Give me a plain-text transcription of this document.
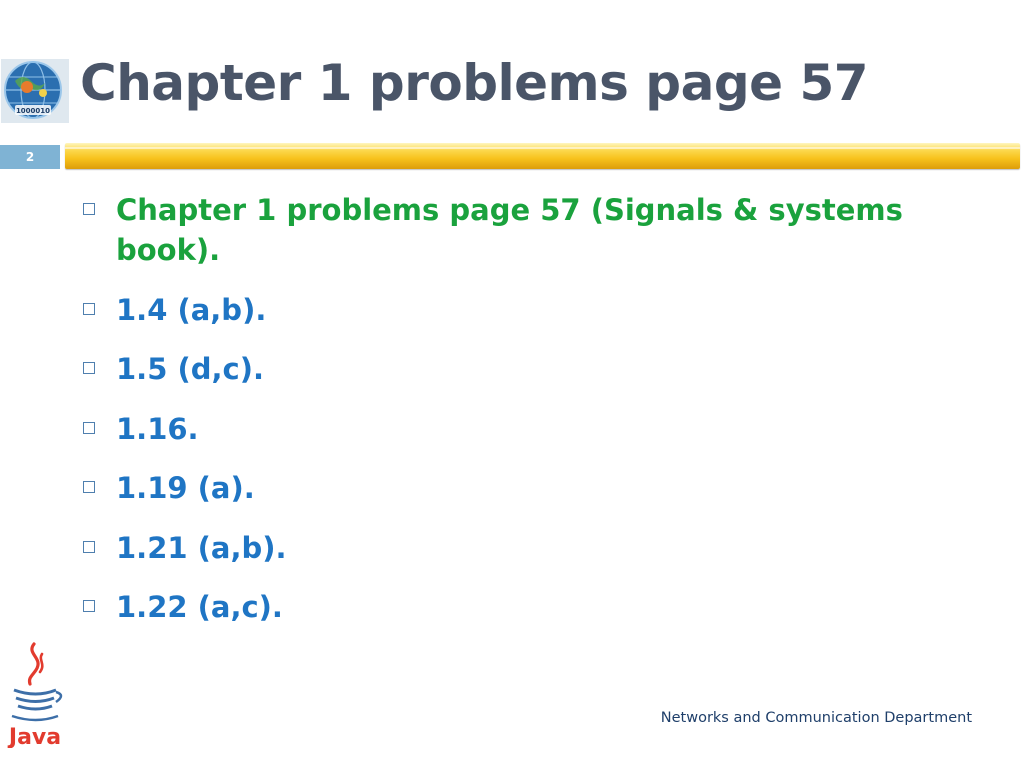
1000010 Chapter 1 problems page 57
2
Chapter 1 problems page 57 (Signals & systems book).
1.4 (a,b).
1.5 (d,c).
1.16.
1.19 (a).
1.21 (a,b).
1.22 (a,c).
Java
Networks and Communication Department
